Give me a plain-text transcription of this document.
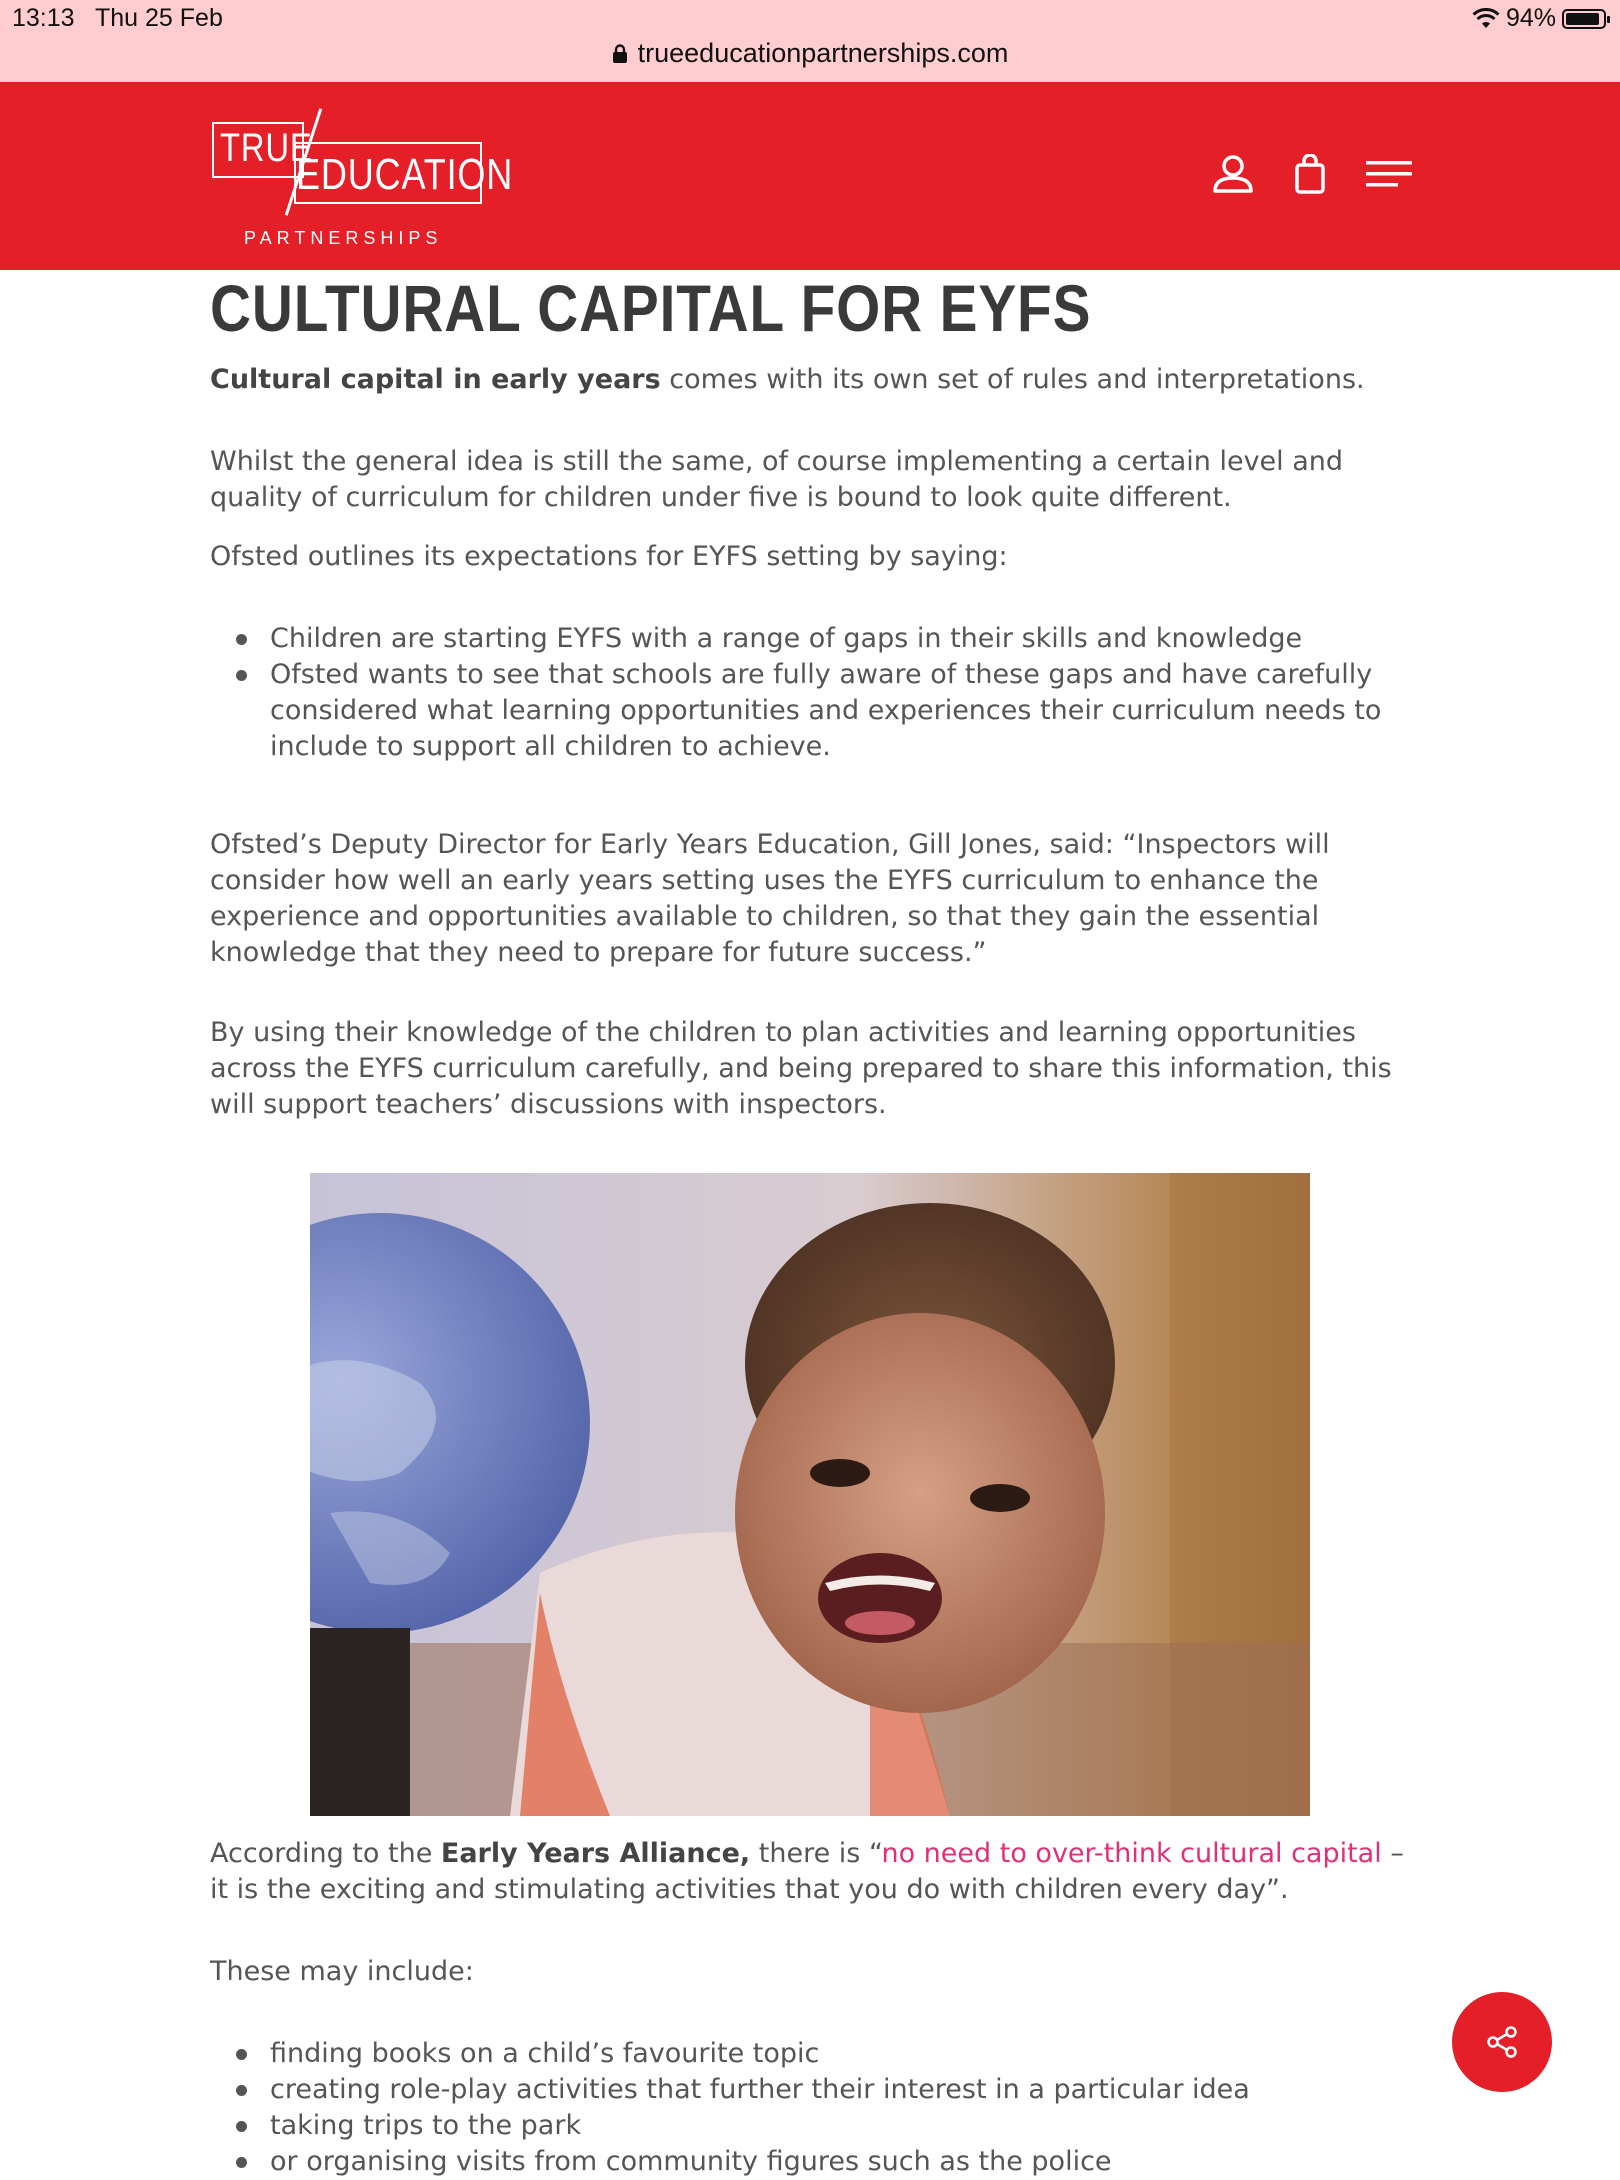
13:13 Thu 25 Feb	94%
trueeducationpartnerships.com
TRUE
EDUCATION
PARTNERSHIPS
CULTURAL CAPITAL FOR EYFS
Cultural capital in early years comes with its own set of rules and interpretations.
Whilst the general idea is still the same, of course implementing a certain level and quality of curriculum for children under five is bound to look quite different.
Ofsted outlines its expectations for EYFS setting by saying:
Children are starting EYFS with a range of gaps in their skills and knowledge
Ofsted wants to see that schools are fully aware of these gaps and have carefully considered what learning opportunities and experiences their curriculum needs to include to support all children to achieve.
Ofsted’s Deputy Director for Early Years Education, Gill Jones, said: “Inspectors will consider how well an early years setting uses the EYFS curriculum to enhance the experience and opportunities available to children, so that they gain the essential knowledge that they need to prepare for future success.”
By using their knowledge of the children to plan activities and learning opportunities across the EYFS curriculum carefully, and being prepared to share this information, this will support teachers’ discussions with inspectors.
According to the Early Years Alliance, there is “no need to over-think cultural capital – it is the exciting and stimulating activities that you do with children every day”.
These may include:
finding books on a child’s favourite topic
creating role-play activities that further their interest in a particular idea
taking trips to the park
or organising visits from community figures such as the police
